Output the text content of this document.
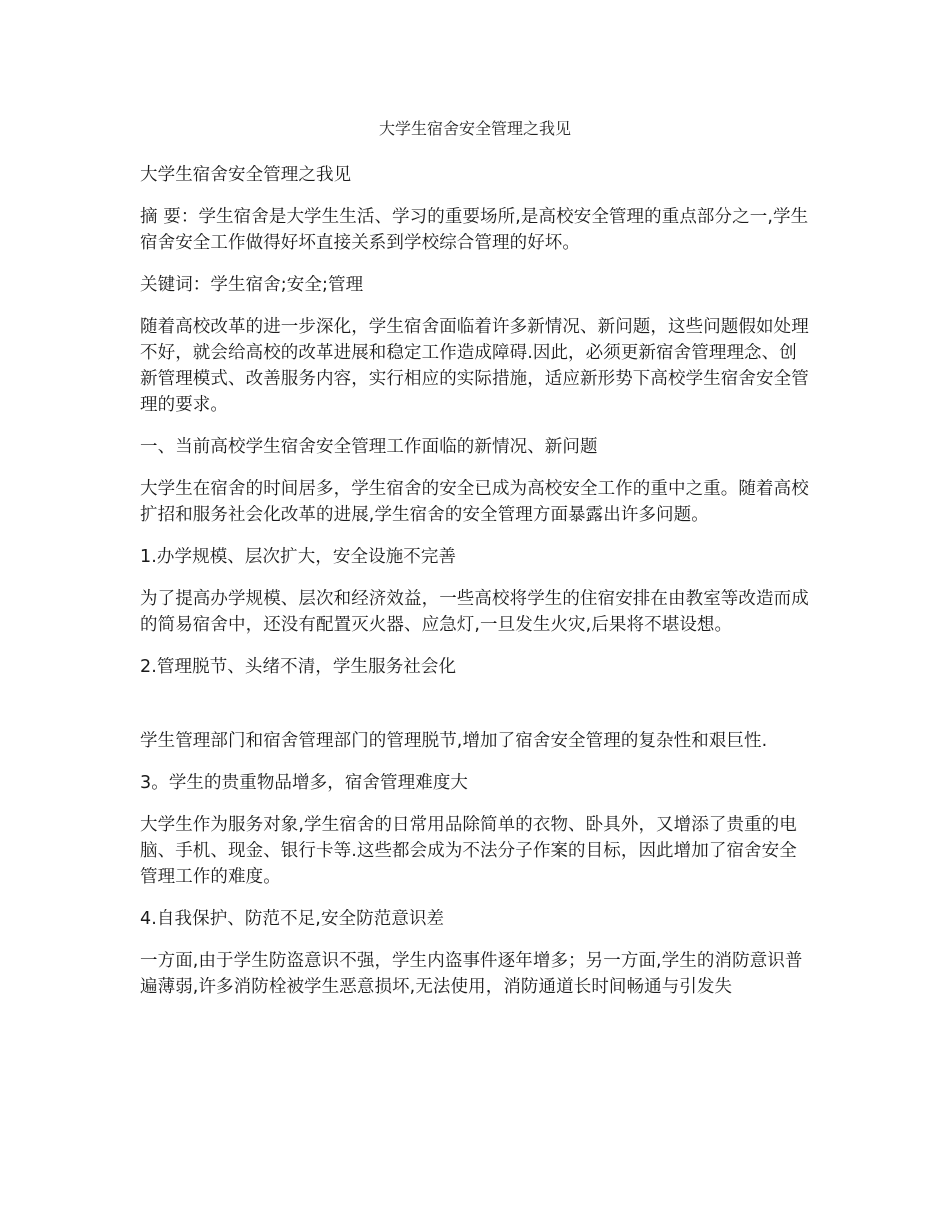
大学生宿舍安全管理之我见

大学生宿舍安全管理之我见

摘 要：学生宿舍是大学生生活、学习的重要场所,是高校安全管理的重点部分之一,学生宿舍安全工作做得好坏直接关系到学校综合管理的好坏。

关键词：学生宿舍;安全;管理

随着高校改革的进一步深化，学生宿舍面临着许多新情况、新问题，这些问题假如处理不好，就会给高校的改革进展和稳定工作造成障碍.因此，必须更新宿舍管理理念、创新管理模式、改善服务内容，实行相应的实际措施，适应新形势下高校学生宿舍安全管理的要求。

一、当前高校学生宿舍安全管理工作面临的新情况、新问题

大学生在宿舍的时间居多，学生宿舍的安全已成为高校安全工作的重中之重。随着高校扩招和服务社会化改革的进展,学生宿舍的安全管理方面暴露出许多问题。

1.办学规模、层次扩大，安全设施不完善

为了提高办学规模、层次和经济效益，一些高校将学生的住宿安排在由教室等改造而成的简易宿舍中，还没有配置灭火器、应急灯,一旦发生火灾,后果将不堪设想。

2.管理脱节、头绪不清，学生服务社会化

学生管理部门和宿舍管理部门的管理脱节,增加了宿舍安全管理的复杂性和艰巨性.

3。学生的贵重物品增多，宿舍管理难度大

大学生作为服务对象,学生宿舍的日常用品除简单的衣物、卧具外，又增添了贵重的电脑、手机、现金、银行卡等.这些都会成为不法分子作案的目标，因此增加了宿舍安全管理工作的难度。

4.自我保护、防范不足,安全防范意识差

一方面,由于学生防盗意识不强，学生内盗事件逐年增多；另一方面,学生的消防意识普遍薄弱,许多消防栓被学生恶意损坏,无法使用，消防通道长时间畅通与引发失
